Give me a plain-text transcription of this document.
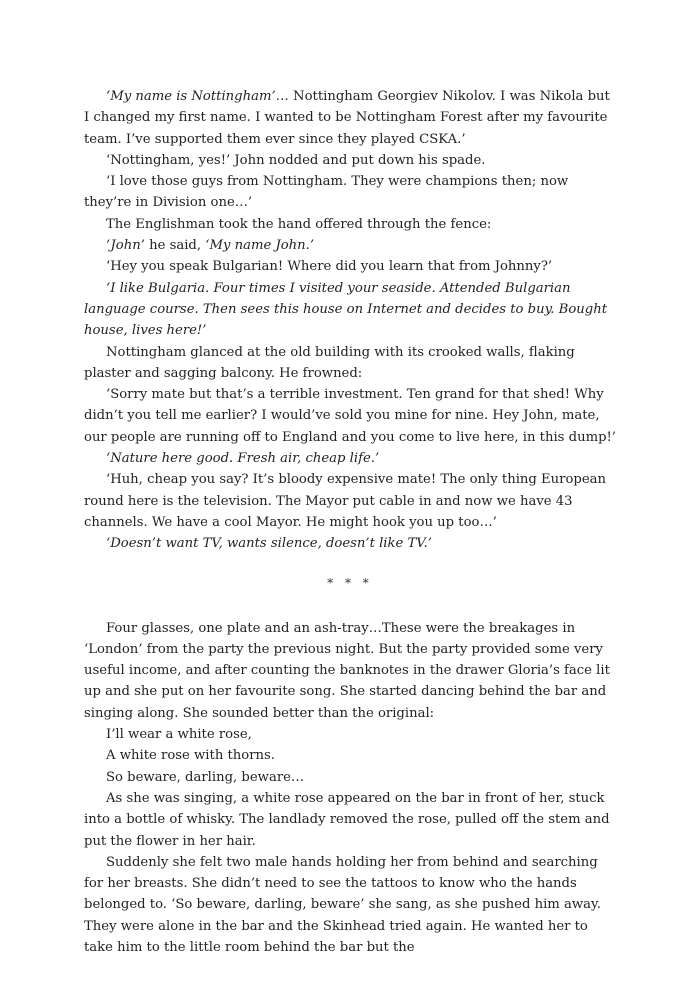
‘My name is Nottingham’… Nottingham Georgiev Nikolov. I was Nikola but I changed my first name. I wanted to be Nottingham Forest after my favourite team. I’ve supported them ever since they played CSKA.’

‘Nottingham, yes!’ John nodded and put down his spade.

‘I love those guys from Nottingham. They were champions then; now they’re in Division one…’

The Englishman took the hand offered through the fence:

‘John’ he said, ‘My name John.’

‘Hey you speak Bulgarian! Where did you learn that from Johnny?’

‘I like Bulgaria. Four times I visited your seaside. Attended Bulgarian language course. Then sees this house on Internet and decides to buy. Bought house, lives here!’

Nottingham glanced at the old building with its crooked walls, flaking plaster and sagging balcony. He frowned:

‘Sorry mate but that’s a terrible investment. Ten grand for that shed! Why didn’t you tell me earlier? I would’ve sold you mine for nine. Hey John, mate, our people are running off to England and you come to live here, in this dump!’

‘Nature here good. Fresh air, cheap life.’

‘Huh, cheap you say? It’s bloody expensive mate! The only thing European round here is the television. The Mayor put cable in and now we have 43 channels. We have a cool Mayor. He might hook you up too…’

‘Doesn’t want TV, wants silence, doesn’t like TV.’

* * *

Four glasses, one plate and an ash-tray…These were the breakages in ‘London’ from the party the previous night. But the party provided some very useful income, and after counting the banknotes in the drawer Gloria’s face lit up and she put on her favourite song. She started dancing behind the bar and singing along. She sounded better than the original:

I’ll wear a white rose,

A white rose with thorns.

So beware, darling, beware…

As she was singing, a white rose appeared on the bar in front of her, stuck into a bottle of whisky. The landlady removed the rose, pulled off the stem and put the flower in her hair.

Suddenly she felt two male hands holding her from behind and searching for her breasts. She didn’t need to see the tattoos to know who the hands belonged to. ‘So beware, darling, beware’ she sang, as she pushed him away. They were alone in the bar and the Skinhead tried again. He wanted her to take him to the little room behind the bar but the
